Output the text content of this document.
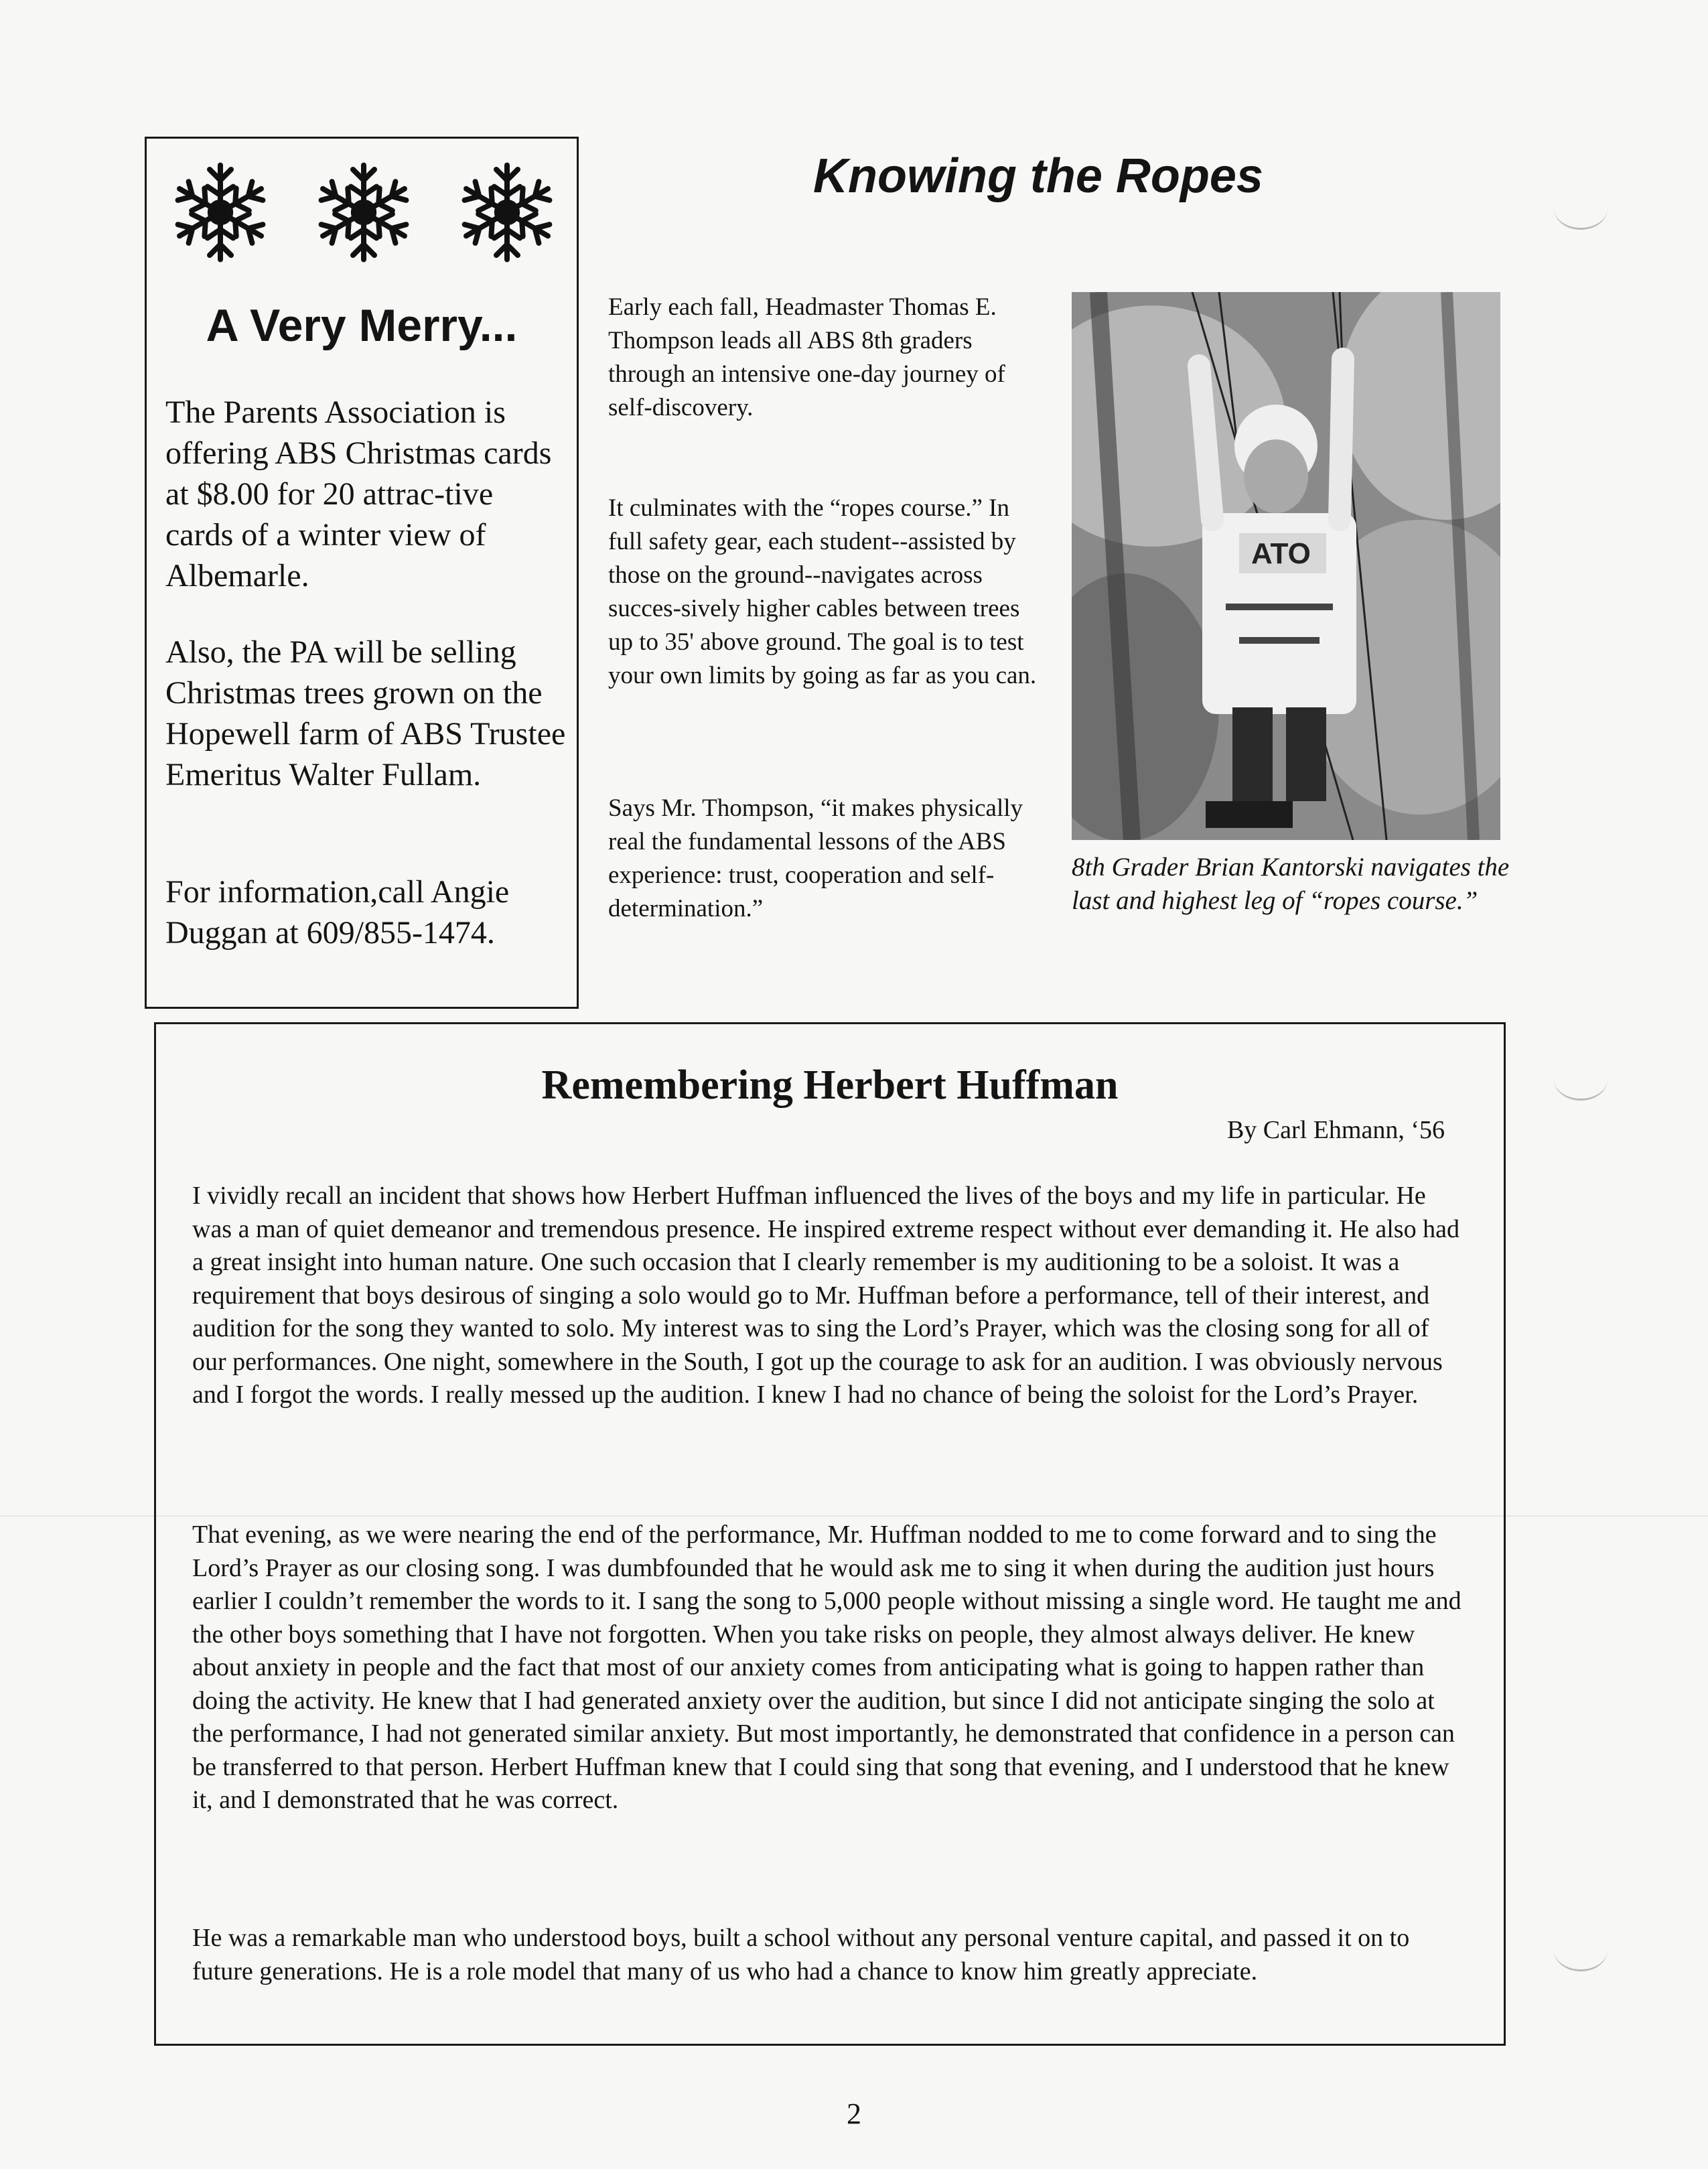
A Very Merry...

The Parents Association is offering ABS Christmas cards at $8.00 for 20 attrac-tive cards of a winter view of Albemarle.

Also, the PA will be selling Christmas trees grown on the Hopewell farm of ABS Trustee Emeritus Walter Fullam.

For information,call Angie Duggan at 609/855-1474.

Knowing the Ropes

Early each fall, Headmaster Thomas E. Thompson leads all ABS 8th graders through an intensive one-day journey of self-discovery.

It culminates with the “ropes course.” In full safety gear, each student--assisted by those on the ground--navigates across succes-sively higher cables between trees up to 35' above ground. The goal is to test your own limits by going as far as you can.

Says Mr. Thompson, “it makes physically real the fundamental lessons of the ABS experience: trust, cooperation and self-determination.”

ATO
8th Grader Brian Kantorski navigates the last and highest leg of “ropes course.”
Remembering Herbert Huffman
By Carl Ehmann, ‘56

I vividly recall an incident that shows how Herbert Huffman influenced the lives of the boys and my life in particular. He was a man of quiet demeanor and tremendous presence. He inspired extreme respect without ever demanding it. He also had a great insight into human nature. One such occasion that I clearly remember is my auditioning to be a soloist. It was a requirement that boys desirous of singing a solo would go to Mr. Huffman before a performance, tell of their interest, and audition for the song they wanted to solo. My interest was to sing the Lord’s Prayer, which was the closing song for all of our performances. One night, somewhere in the South, I got up the courage to ask for an audition. I was obviously nervous and I forgot the words. I really messed up the audition. I knew I had no chance of being the soloist for the Lord’s Prayer.

That evening, as we were nearing the end of the performance, Mr. Huffman nodded to me to come forward and to sing the Lord’s Prayer as our closing song. I was dumbfounded that he would ask me to sing it when during the audition just hours earlier I couldn’t remember the words to it. I sang the song to 5,000 people without missing a single word. He taught me and the other boys something that I have not forgotten. When you take risks on people, they almost always deliver. He knew about anxiety in people and the fact that most of our anxiety comes from anticipating what is going to happen rather than doing the activity. He knew that I had generated anxiety over the audition, but since I did not anticipate singing the solo at the performance, I had not generated similar anxiety. But most importantly, he demonstrated that confidence in a person can be transferred to that person. Herbert Huffman knew that I could sing that song that evening, and I understood that he knew it, and I demonstrated that he was correct.

He was a remarkable man who understood boys, built a school without any personal venture capital, and passed it on to future generations. He is a role model that many of us who had a chance to know him greatly appreciate.

2
